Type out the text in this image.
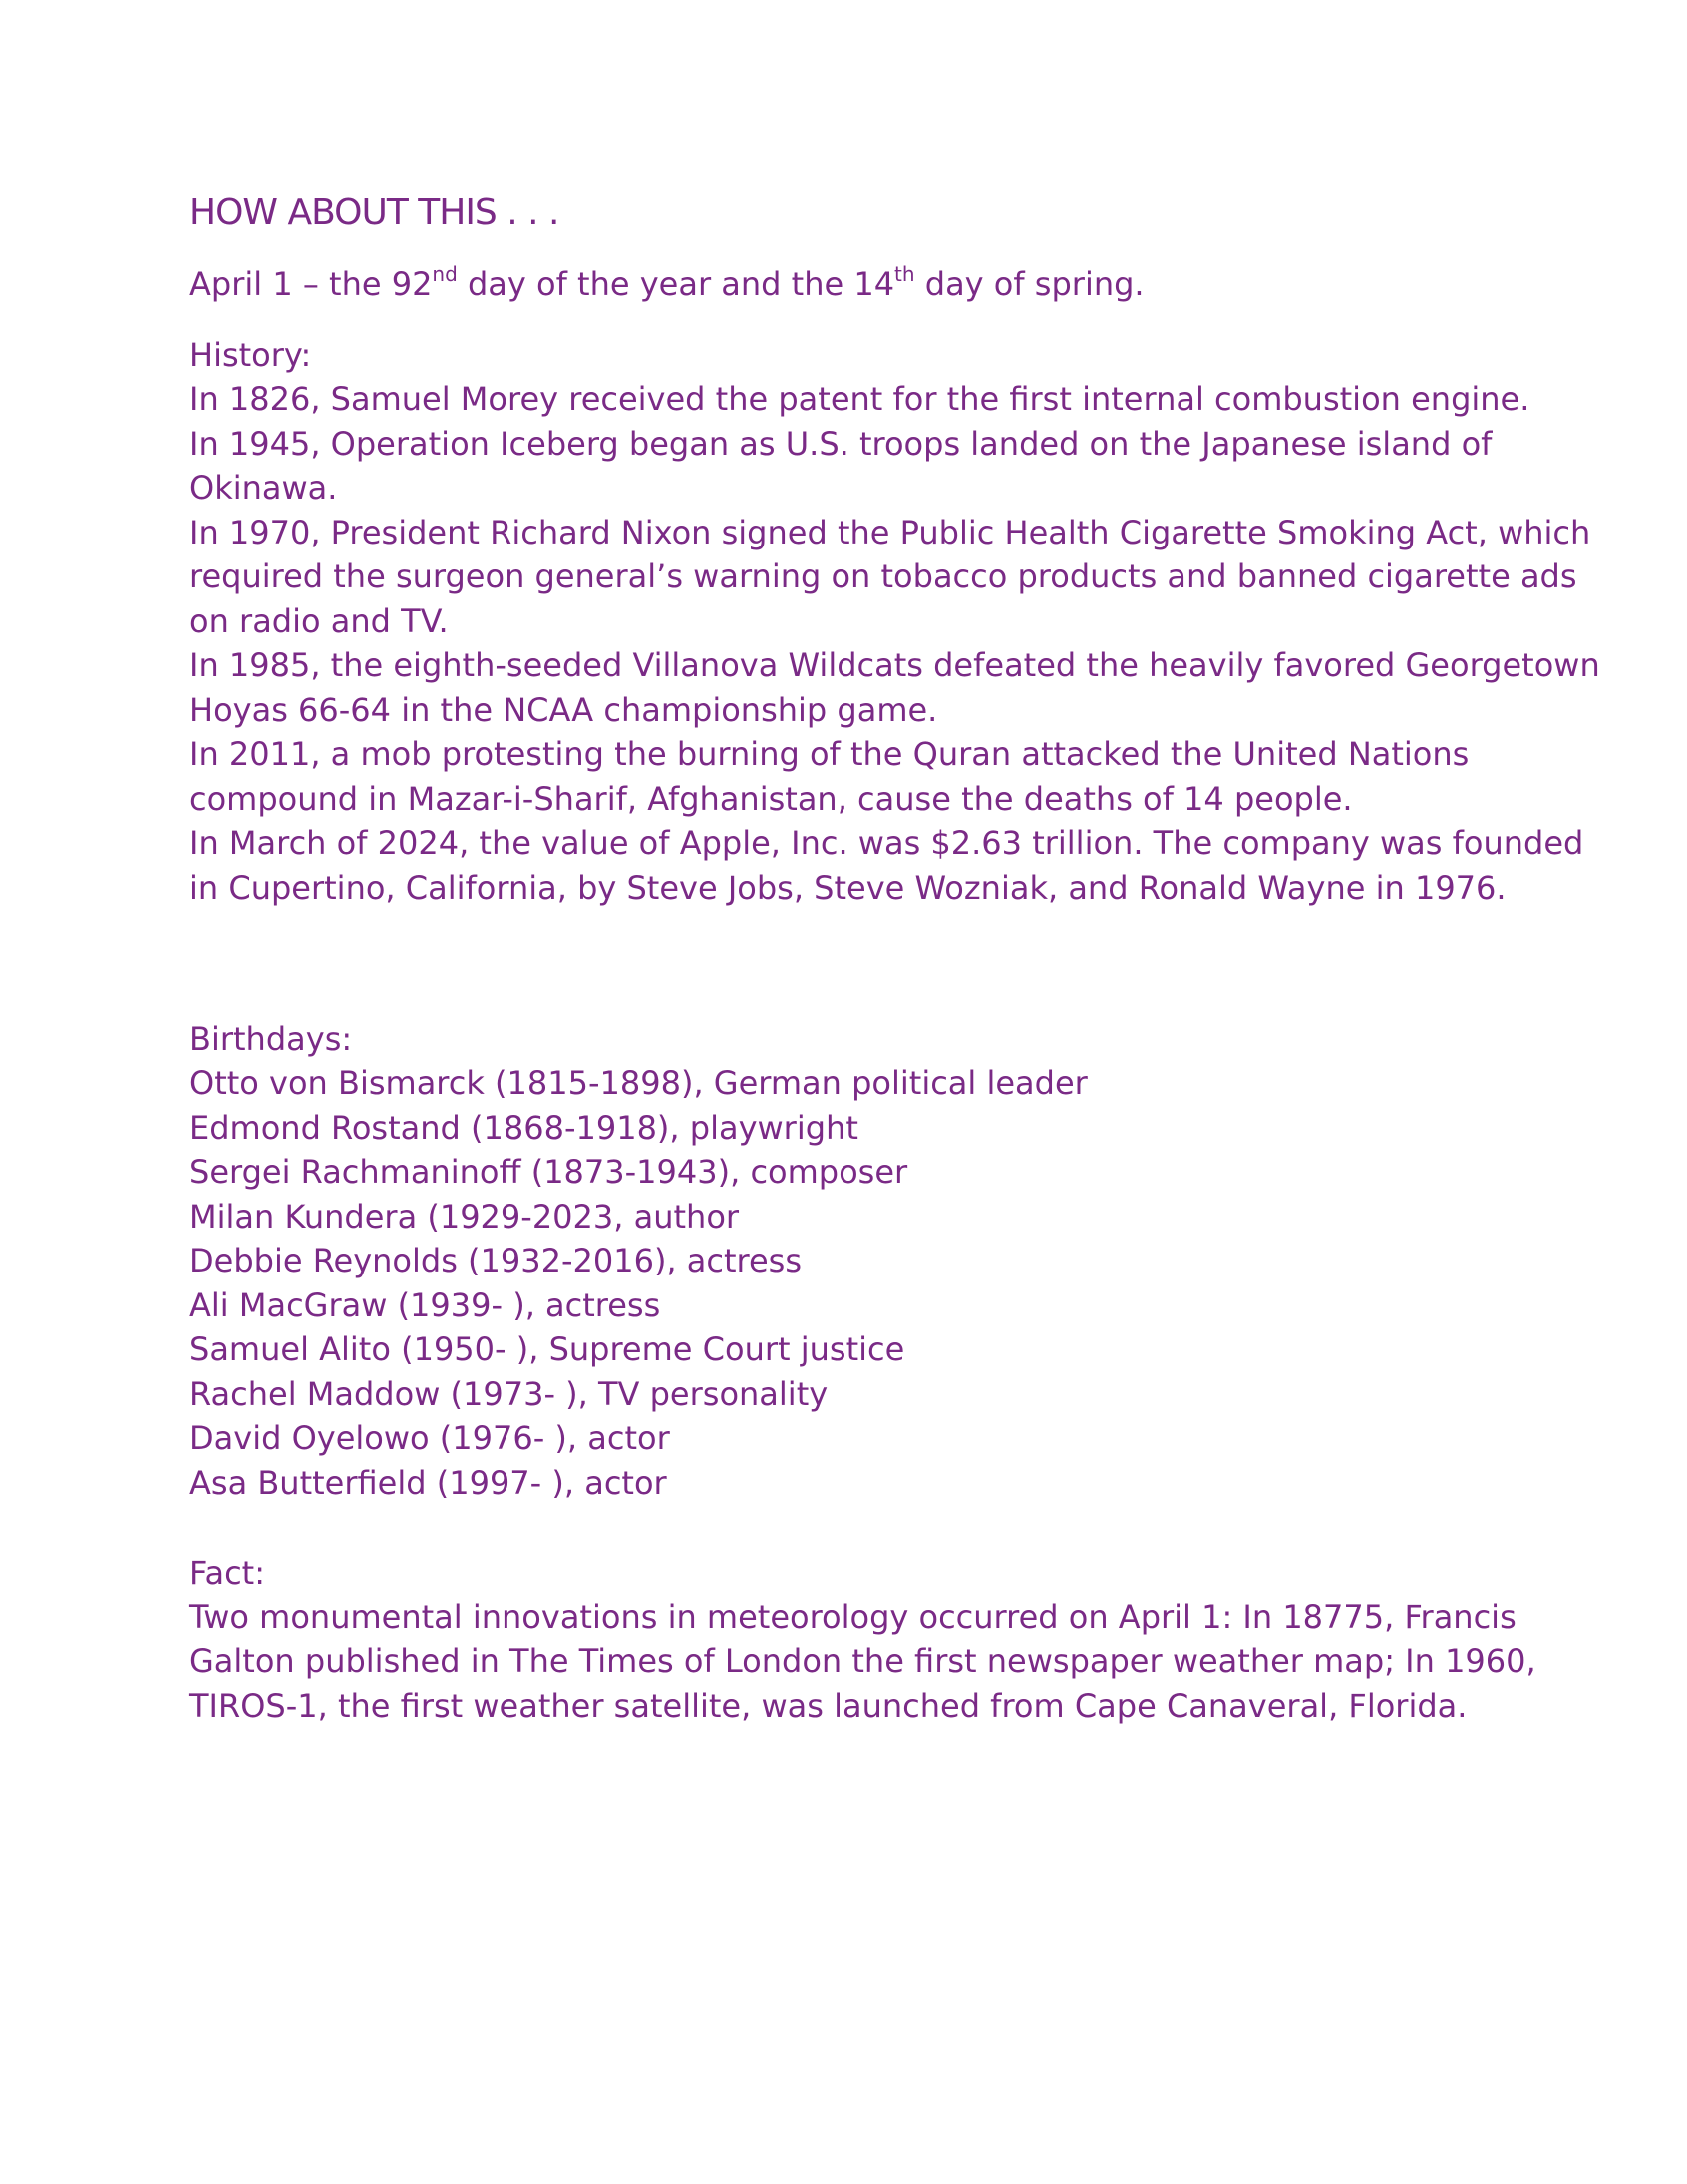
HOW ABOUT THIS . . .

April 1 – the 92nd day of the year and the 14th day of spring.

History:

In 1826, Samuel Morey received the patent for the first internal combustion engine.

In 1945, Operation Iceberg began as U.S. troops landed on the Japanese island of

Okinawa.

In 1970, President Richard Nixon signed the Public Health Cigarette Smoking Act, which

required the surgeon general’s warning on tobacco products and banned cigarette ads

on radio and TV.

In 1985, the eighth-seeded Villanova Wildcats defeated the heavily favored Georgetown

Hoyas 66-64 in the NCAA championship game.

In 2011, a mob protesting the burning of the Quran attacked the United Nations

compound in Mazar-i-Sharif, Afghanistan, cause the deaths of 14 people.

In March of 2024, the value of Apple, Inc. was $2.63 trillion. The company was founded

in Cupertino, California, by Steve Jobs, Steve Wozniak, and Ronald Wayne in 1976.

Birthdays:

Otto von Bismarck (1815-1898), German political leader

Edmond Rostand (1868-1918), playwright

Sergei Rachmaninoff (1873-1943), composer

Milan Kundera (1929-2023, author

Debbie Reynolds (1932-2016), actress

Ali MacGraw (1939- ), actress

Samuel Alito (1950- ), Supreme Court justice

Rachel Maddow (1973- ), TV personality

David Oyelowo (1976- ), actor

Asa Butterfield (1997- ), actor

Fact:

Two monumental innovations in meteorology occurred on April 1: In 18775, Francis

Galton published in The Times of London the first newspaper weather map; In 1960,

TIROS-1, the first weather satellite, was launched from Cape Canaveral, Florida.
